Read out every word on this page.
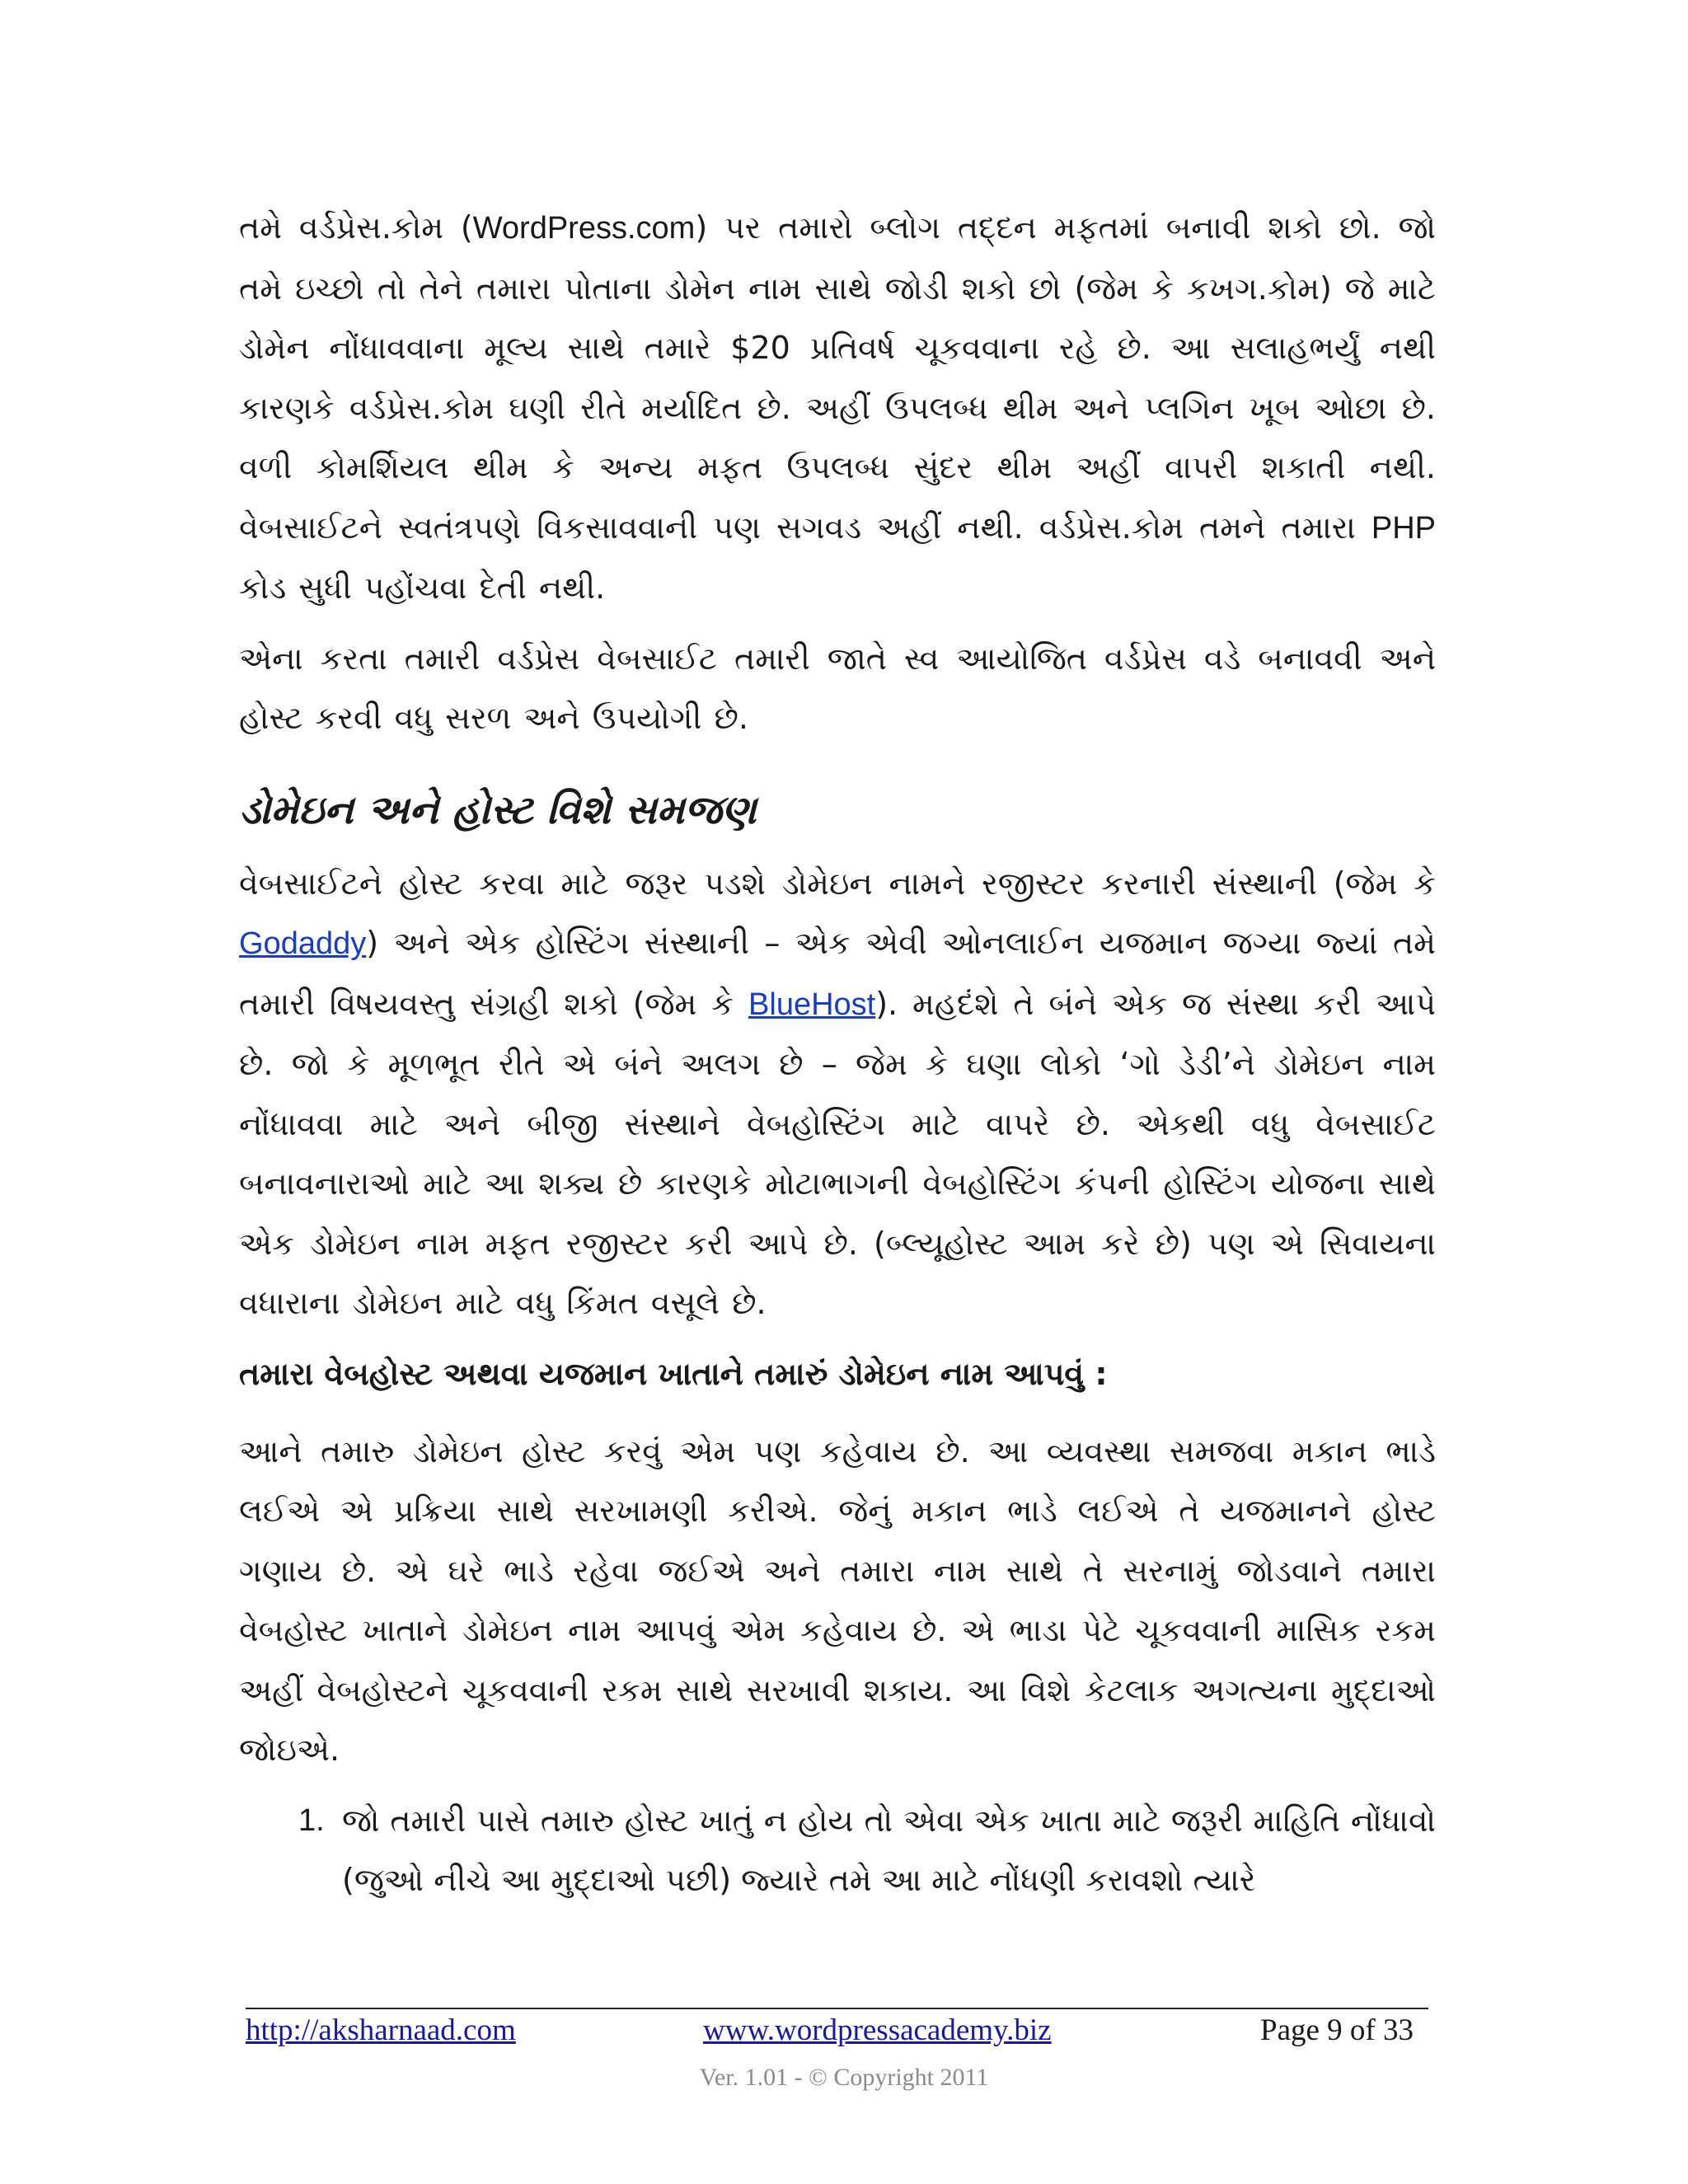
તમે વર્ડપ્રેસ.કોમ (WordPress.com) પર તમારો બ્લોગ તદ્દન મફતમાં બનાવી શકો છો. જો તમે ઇચ્છો તો તેને તમારા પોતાના ડોમેન નામ સાથે જોડી શકો છો (જેમ કે કખગ.કોમ) જે માટે ડોમેન નોંધાવવાના મૂલ્ય સાથે તમારે $20 પ્રતિવર્ષ ચૂકવવાના રહે છે. આ સલાહભર્યું નથી કારણકે વર્ડપ્રેસ.કોમ ઘણી રીતે મર્યાદિત છે. અહીં ઉપલબ્ધ થીમ અને પ્લગિન ખૂબ ઓછા છે. વળી કોમર્શિયલ થીમ કે અન્ય મફત ઉપલબ્ધ સુંદર થીમ અહીં વાપરી શકાતી નથી. વેબસાઈટને સ્વતંત્રપણે વિકસાવવાની પણ સગવડ અહીં નથી. વર્ડપ્રેસ.કોમ તમને તમારા PHP કોડ સુધી પહોંચવા દેતી નથી.

એના કરતા તમારી વર્ડપ્રેસ વેબસાઈટ તમારી જાતે સ્વ આયોજિત વર્ડપ્રેસ વડે બનાવવી અને હોસ્ટ કરવી વધુ સરળ અને ઉપયોગી છે.

ડોમેઇન અને હોસ્ટ વિશે સમજણ

વેબસાઈટને હોસ્ટ કરવા માટે જરૂર પડશે ડોમેઇન નામને રજીસ્ટર કરનારી સંસ્થાની (જેમ કે Godaddy) અને એક હોસ્ટિંગ સંસ્થાની – એક એવી ઓનલાઈન યજમાન જગ્યા જ્યાં તમે તમારી વિષયવસ્તુ સંગ્રહી શકો (જેમ કે BlueHost). મહદંશે તે બંને એક જ સંસ્થા કરી આપે છે. જો કે મૂળભૂત રીતે એ બંને અલગ છે – જેમ કે ઘણા લોકો ‘ગો ડેડી’ને ડોમેઇન નામ નોંધાવવા માટે અને બીજી સંસ્થાને વેબહોસ્ટિંગ માટે વાપરે છે. એકથી વધુ વેબસાઈટ બનાવનારાઓ માટે આ શક્ય છે કારણકે મોટાભાગની વેબહોસ્ટિંગ કંપની હોસ્ટિંગ યોજના સાથે એક ડોમેઇન નામ મફત રજીસ્ટર કરી આપે છે. (બ્લ્યૂહોસ્ટ આમ કરે છે) પણ એ સિવાયના વધારાના ડોમેઇન માટે વધુ કિંમત વસૂલે છે.

તમારા વેબહોસ્ટ અથવા યજમાન ખાતાને તમારું ડોમેઇન નામ આપવું :

આને તમારુ ડોમેઇન હોસ્ટ કરવું એમ પણ કહેવાય છે. આ વ્યવસ્થા સમજવા મકાન ભાડે લઈએ એ પ્રક્રિયા સાથે સરખામણી કરીએ. જેનું મકાન ભાડે લઈએ તે યજમાનને હોસ્ટ ગણાય છે. એ ઘરે ભાડે રહેવા જઈએ અને તમારા નામ સાથે તે સરનામું જોડવાને તમારા વેબહોસ્ટ ખાતાને ડોમેઇન નામ આપવું એમ કહેવાય છે. એ ભાડા પેટે ચૂકવવાની માસિક રકમ અહીં વેબહોસ્ટને ચૂકવવાની રકમ સાથે સરખાવી શકાય. આ વિશે કેટલાક અગત્યના મુદ્દાઓ જોઇએ.

1. જો તમારી પાસે તમારુ હોસ્ટ ખાતું ન હોય તો એવા એક ખાતા માટે જરૂરી માહિતિ નોંધાવો (જુઓ નીચે આ મુદ્દાઓ પછી) જ્યારે તમે આ માટે નોંધણી કરાવશો ત્યારે
http://aksharnaad.com	www.wordpressacademy.biz	Page 9 of 33
Ver. 1.01 - © Copyright 2011
